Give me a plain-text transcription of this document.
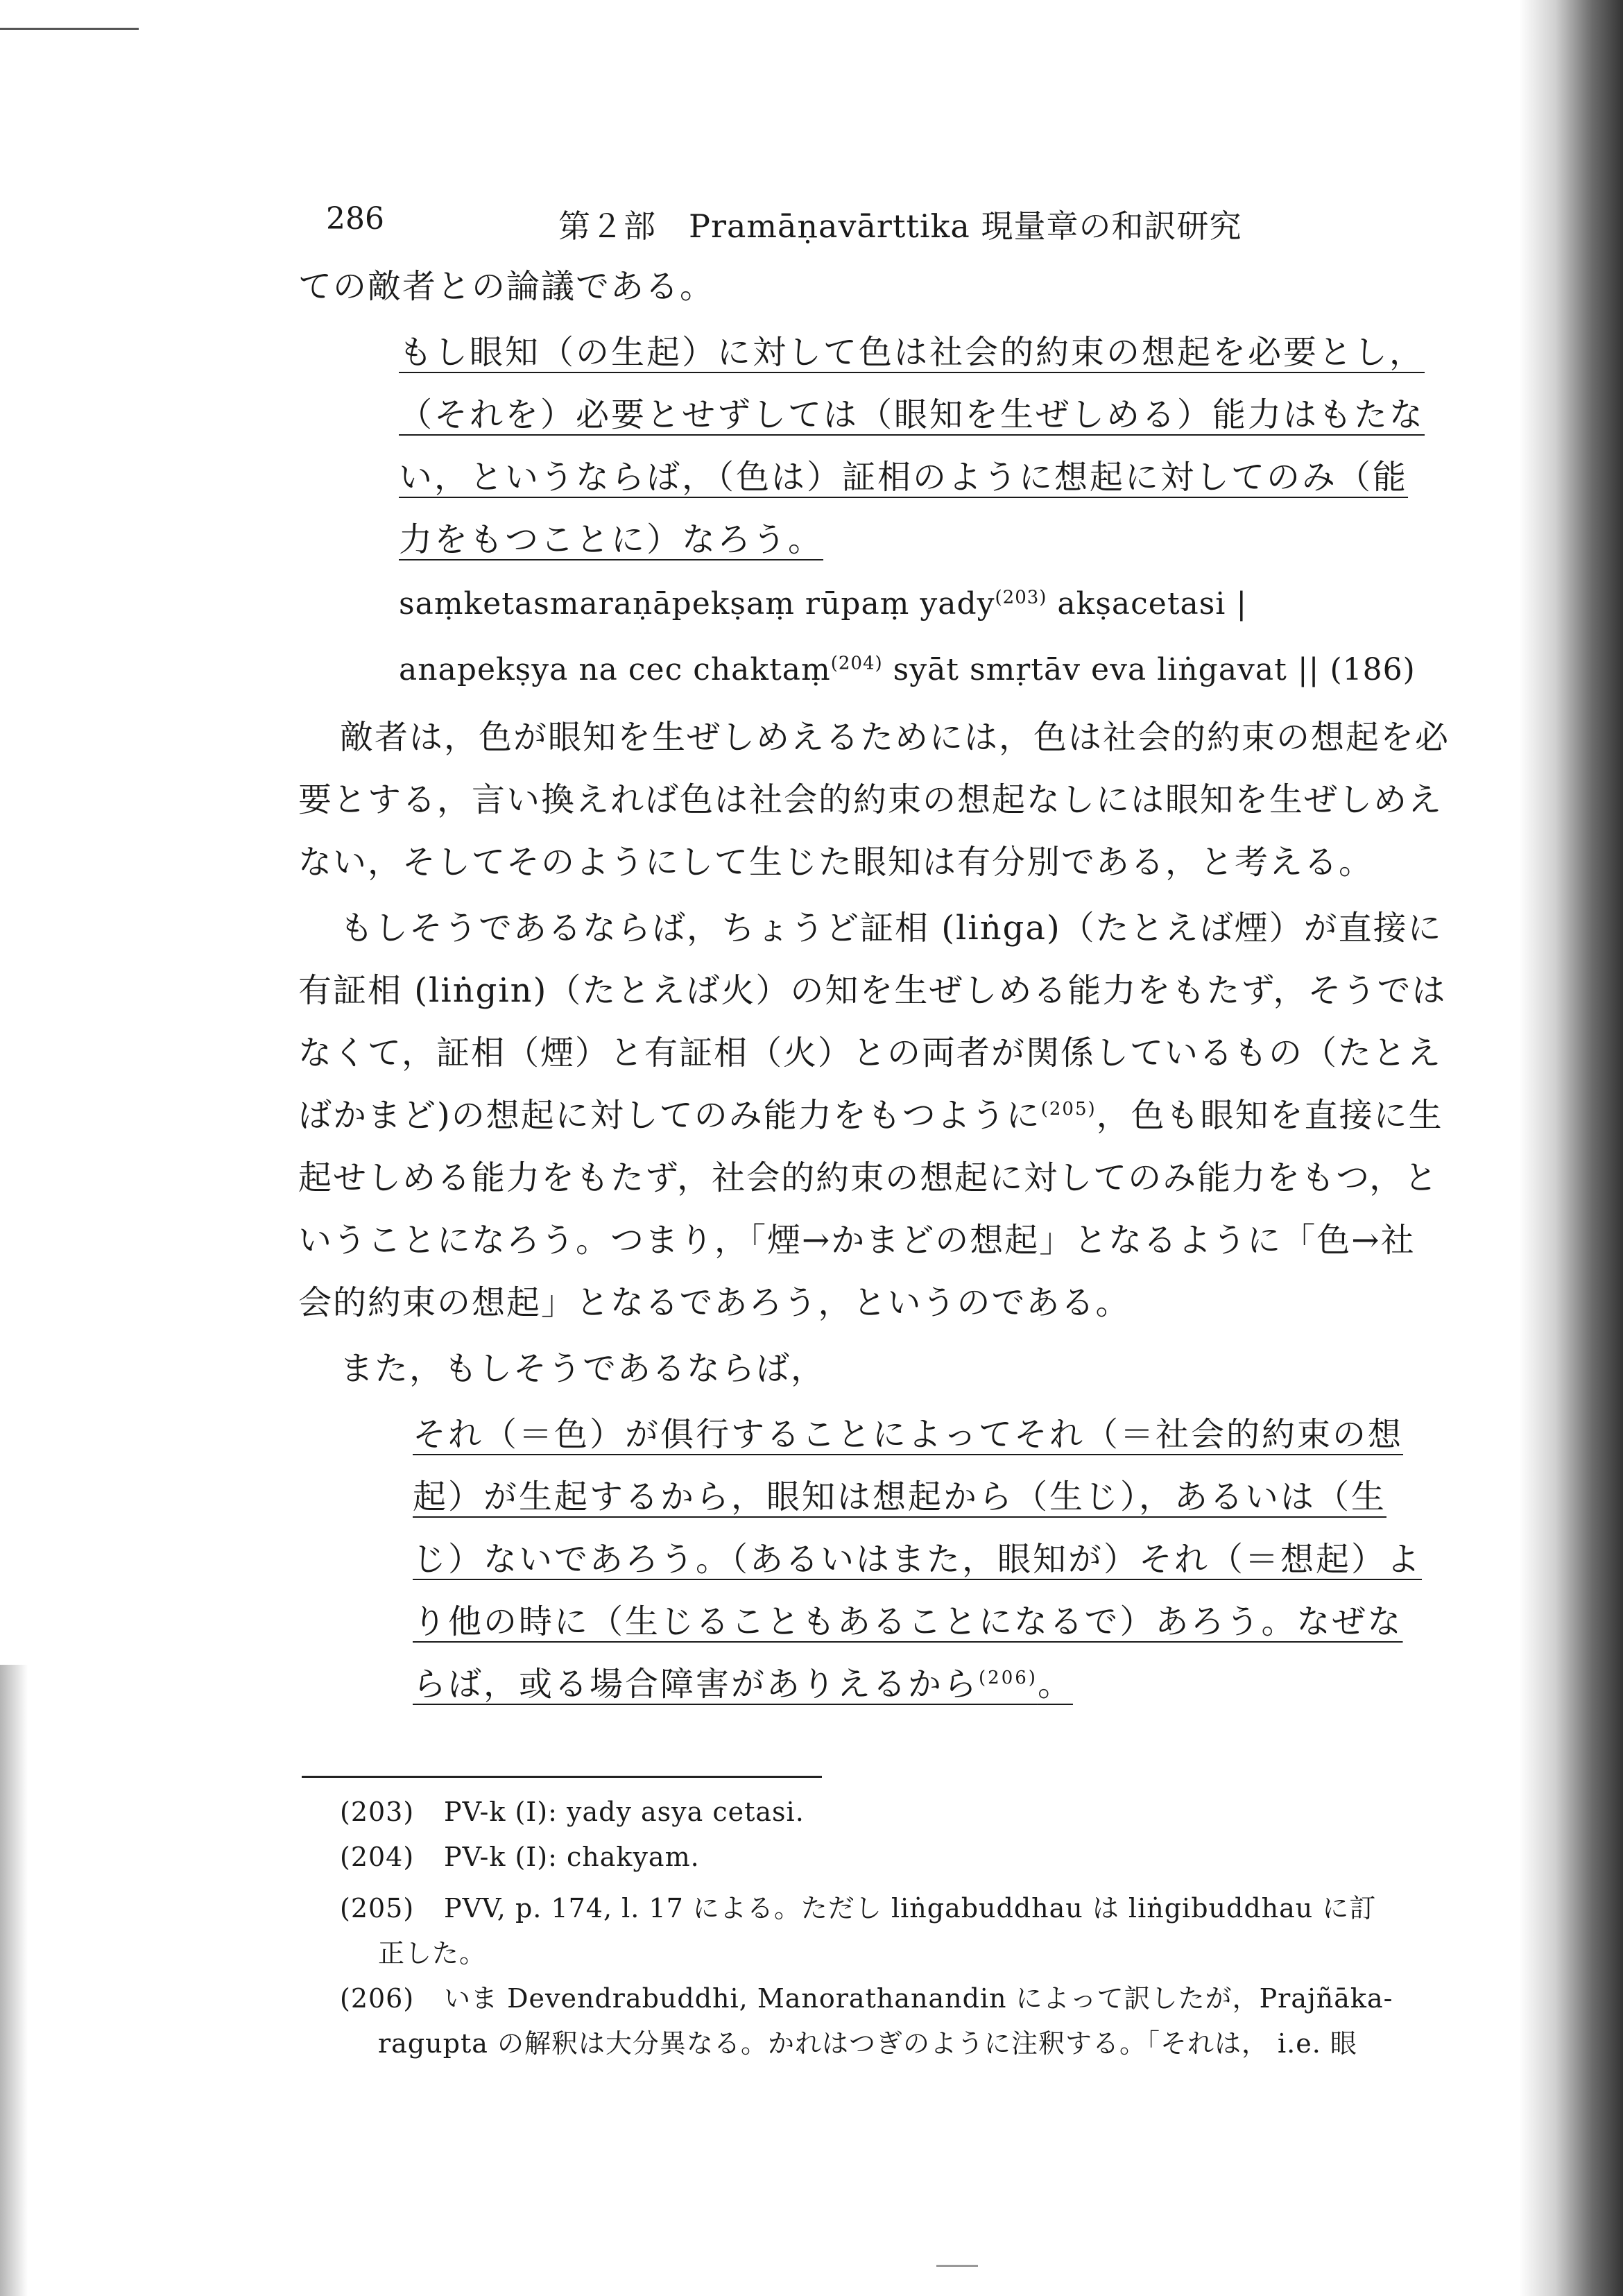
286	第２部　Pramāṇavārttika 現量章の和訳研究
ての敵者との論議である。
もし眼知（の生起）に対して色は社会的約束の想起を必要とし，
（それを）必要とせずしては（眼知を生ぜしめる）能力はもたな
い，というならば，（色は）証相のように想起に対してのみ（能
力をもつことに）なろう。
saṃketasmaraṇāpekṣaṃ rūpaṃ yady$^{(203)}$ akṣacetasi |
anapekṣya na cec chaktaṃ$^{(204)}$ syāt smṛtāv eva liṅgavat || (186)
敵者は，色が眼知を生ぜしめえるためには，色は社会的約束の想起を必
要とする，言い換えれば色は社会的約束の想起なしには眼知を生ぜしめえ
ない，そしてそのようにして生じた眼知は有分別である，と考える。
もしそうであるならば，ちょうど証相 (liṅga)（たとえば煙）が直接に
有証相 (liṅgin)（たとえば火）の知を生ぜしめる能力をもたず，そうでは
なくて，証相（煙）と有証相（火）との両者が関係しているもの（たとえ
ばかまど)の想起に対してのみ能力をもつように$^{(205)}$，色も眼知を直接に生
起せしめる能力をもたず，社会的約束の想起に対してのみ能力をもつ，と
いうことになろう。つまり，「煙→かまどの想起」となるように「色→社
会的約束の想起」となるであろう，というのである。
また，もしそうであるならば，
それ（＝色）が俱行することによってそれ（＝社会的約束の想
起）が生起するから，眼知は想起から（生じ），あるいは（生
じ）ないであろう。（あるいはまた，眼知が）それ（＝想起）よ
り他の時に（生じることもあることになるで）あろう。なぜな
らば，或る場合障害がありえるから$^{(206)}$。
(203) PV-k (I): yady asya cetasi.
(204) PV-k (I): chakyam.
(205) PVV, p. 174, l. 17 による。ただし liṅgabuddhau は liṅgibuddhau に訂
正した。
(206) いま Devendrabuddhi, Manorathanandin によって訳したが，Prajñāka-
ragupta の解釈は大分異なる。かれはつぎのように注釈する。「それは， i.e. 眼
